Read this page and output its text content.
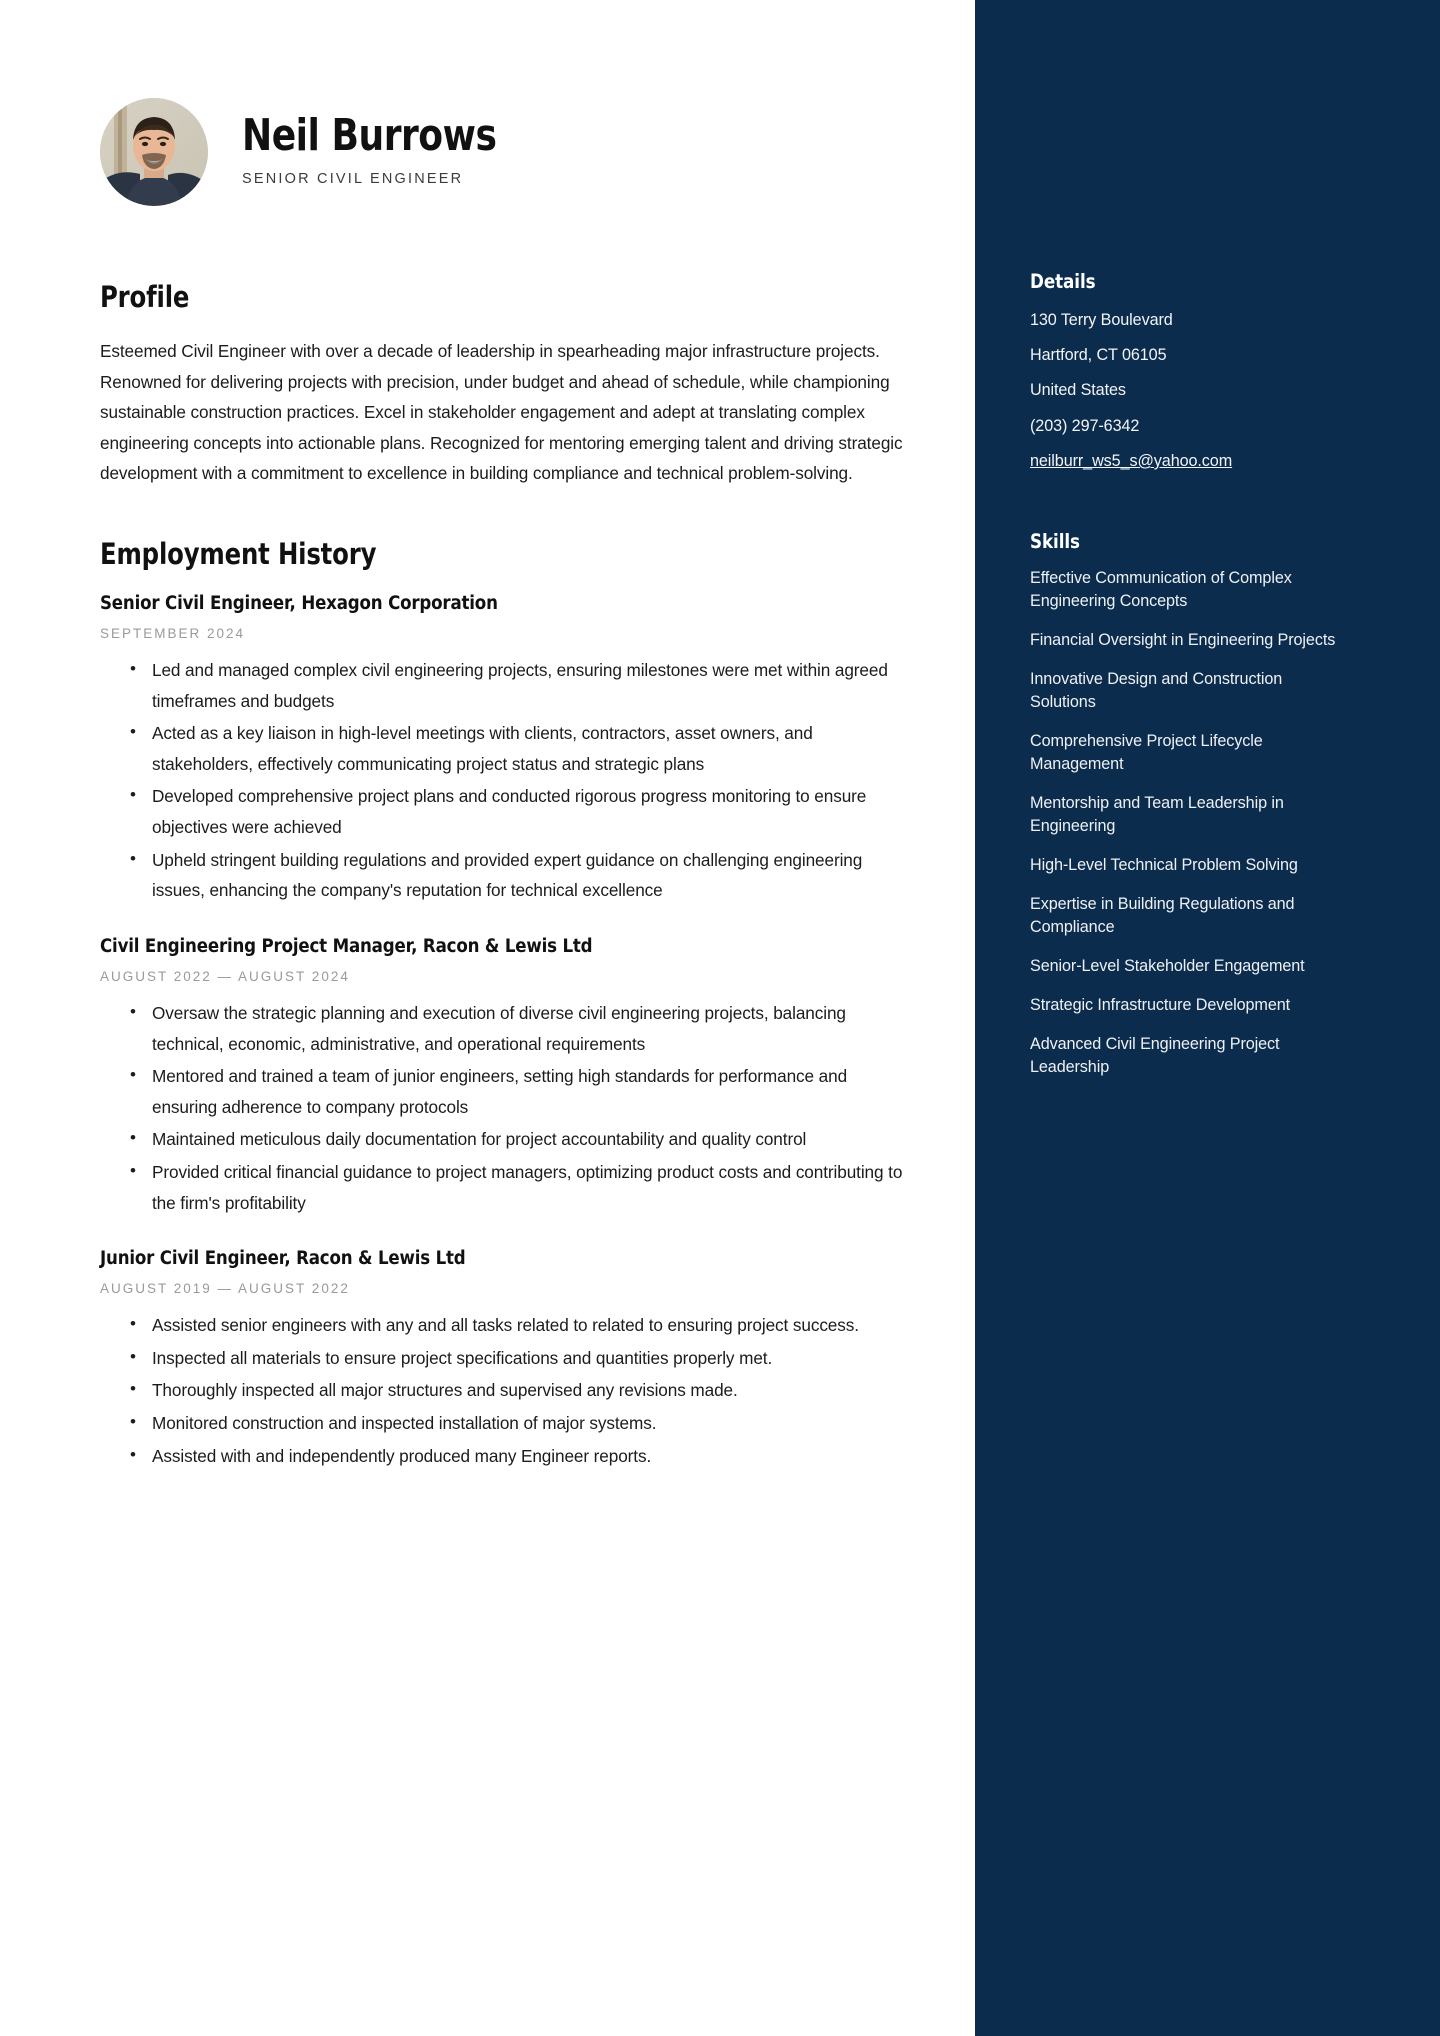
Neil Burrows

SENIOR CIVIL ENGINEER

Profile

Esteemed Civil Engineer with over a decade of leadership in spearheading major infrastructure projects. Renowned for delivering projects with precision, under budget and ahead of schedule, while championing sustainable construction practices. Excel in stakeholder engagement and adept at translating complex engineering concepts into actionable plans. Recognized for mentoring emerging talent and driving strategic development with a commitment to excellence in building compliance and technical problem-solving.

Employment History
Senior Civil Engineer, Hexagon Corporation

SEPTEMBER 2024

• Led and managed complex civil engineering projects, ensuring milestones were met within agreed timeframes and budgets
• Acted as a key liaison in high-level meetings with clients, contractors, asset owners, and stakeholders, effectively communicating project status and strategic plans
• Developed comprehensive project plans and conducted rigorous progress monitoring to ensure objectives were achieved
• Upheld stringent building regulations and provided expert guidance on challenging engineering issues, enhancing the company's reputation for technical excellence
Civil Engineering Project Manager, Racon & Lewis Ltd

AUGUST 2022 — AUGUST 2024

• Oversaw the strategic planning and execution of diverse civil engineering projects, balancing technical, economic, administrative, and operational requirements
• Mentored and trained a team of junior engineers, setting high standards for performance and ensuring adherence to company protocols
• Maintained meticulous daily documentation for project accountability and quality control
• Provided critical financial guidance to project managers, optimizing product costs and contributing to the firm's profitability
Junior Civil Engineer, Racon & Lewis Ltd

AUGUST 2019 — AUGUST 2022

• Assisted senior engineers with any and all tasks related to related to ensuring project success.
• Inspected all materials to ensure project specifications and quantities properly met.
• Thoroughly inspected all major structures and supervised any revisions made.
• Monitored construction and inspected installation of major systems.
• Assisted with and independently produced many Engineer reports.
Details

130 Terry Boulevard

Hartford, CT 06105

United States

(203) 297-6342

neilburr_ws5_s@yahoo.com
Skills

Effective Communication of Complex Engineering Concepts

Financial Oversight in Engineering Projects

Innovative Design and Construction Solutions

Comprehensive Project Lifecycle Management

Mentorship and Team Leadership in Engineering

High-Level Technical Problem Solving

Expertise in Building Regulations and Compliance

Senior-Level Stakeholder Engagement

Strategic Infrastructure Development

Advanced Civil Engineering Project Leadership
